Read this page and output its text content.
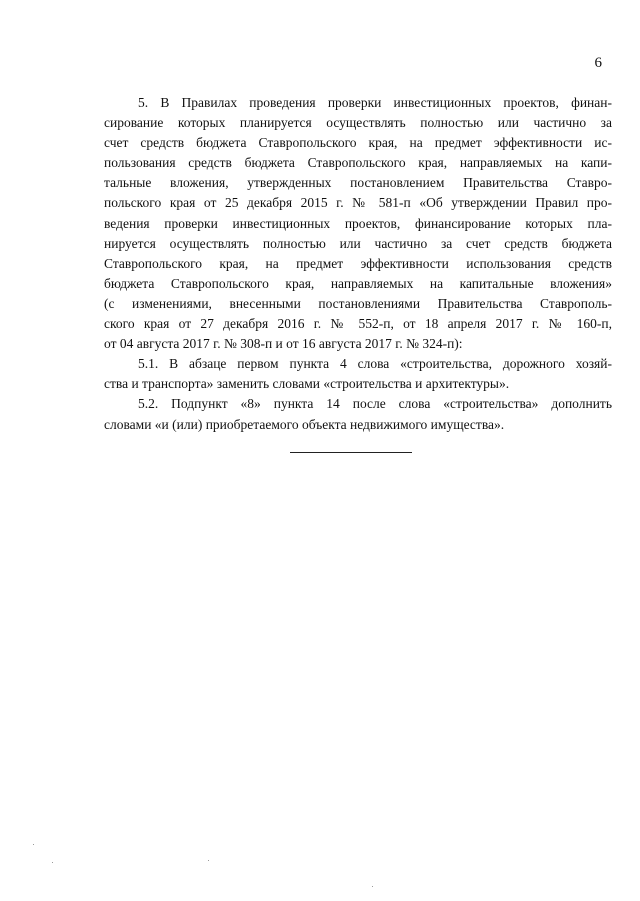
6
5. В Правилах проведения проверки инвестиционных проектов, финан-
сирование которых планируется осуществлять полностью или частично за
счет средств бюджета Ставропольского края, на предмет эффективности ис-
пользования средств бюджета Ставропольского края, направляемых на капи-
тальные вложения, утвержденных постановлением Правительства Ставро-
польского края от 25 декабря 2015 г. № 581-п «Об утверждении Правил про-
ведения проверки инвестиционных проектов, финансирование которых пла-
нируется осуществлять полностью или частично за счет средств бюджета
Ставропольского края, на предмет эффективности использования средств
бюджета Ставропольского края, направляемых на капитальные вложения»
(с изменениями, внесенными постановлениями Правительства Ставрополь-
ского края от 27 декабря 2016 г. № 552-п, от 18 апреля 2017 г. № 160-п,
от 04 августа 2017 г. № 308-п и от 16 августа 2017 г. № 324-п):
5.1. В абзаце первом пункта 4 слова «строительства, дорожного хозяй-
ства и транспорта» заменить словами «строительства и архитектуры».
5.2. Подпункт «8» пункта 14 после слова «строительства» дополнить
словами «и (или) приобретаемого объекта недвижимого имущества».
